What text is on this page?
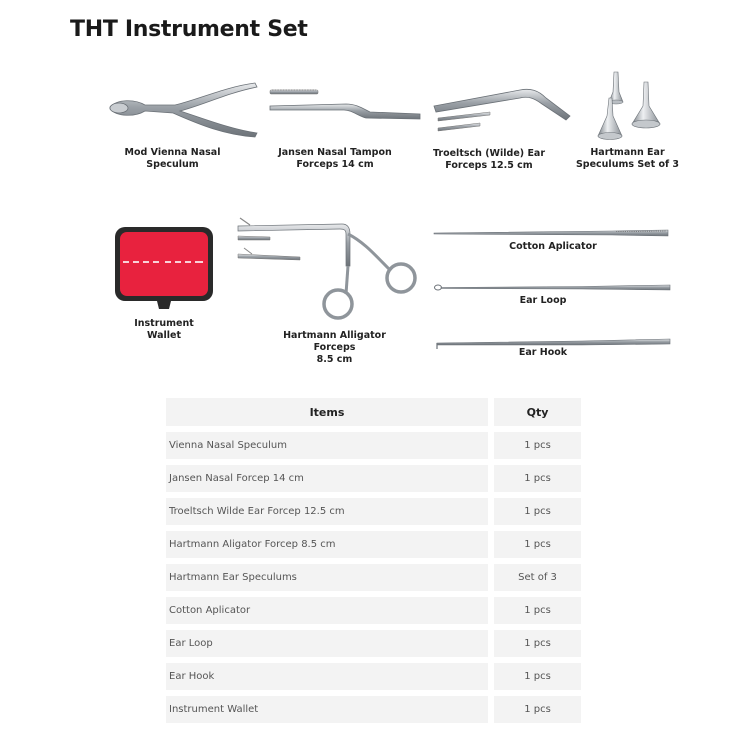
THT Instrument Set
Mod Vienna Nasal
Speculum
Jansen Nasal Tampon
Forceps 14 cm
Troeltsch (Wilde) Ear
Forceps 12.5 cm
Hartmann Ear
Speculums Set of 3
Instrument
Wallet	Hartmann Alligator Forceps
8.5 cm
Cotton Aplicator
Ear Loop
Ear Hook
Items	Qty
Vienna Nasal Speculum	1 pcs
Jansen Nasal Forcep 14 cm	1 pcs
Troeltsch Wilde Ear Forcep 12.5 cm	1 pcs
Hartmann Aligator Forcep 8.5 cm	1 pcs
Hartmann Ear Speculums	Set of 3
Cotton Aplicator	1 pcs
Ear Loop	1 pcs
Ear Hook	1 pcs
Instrument Wallet	1 pcs
